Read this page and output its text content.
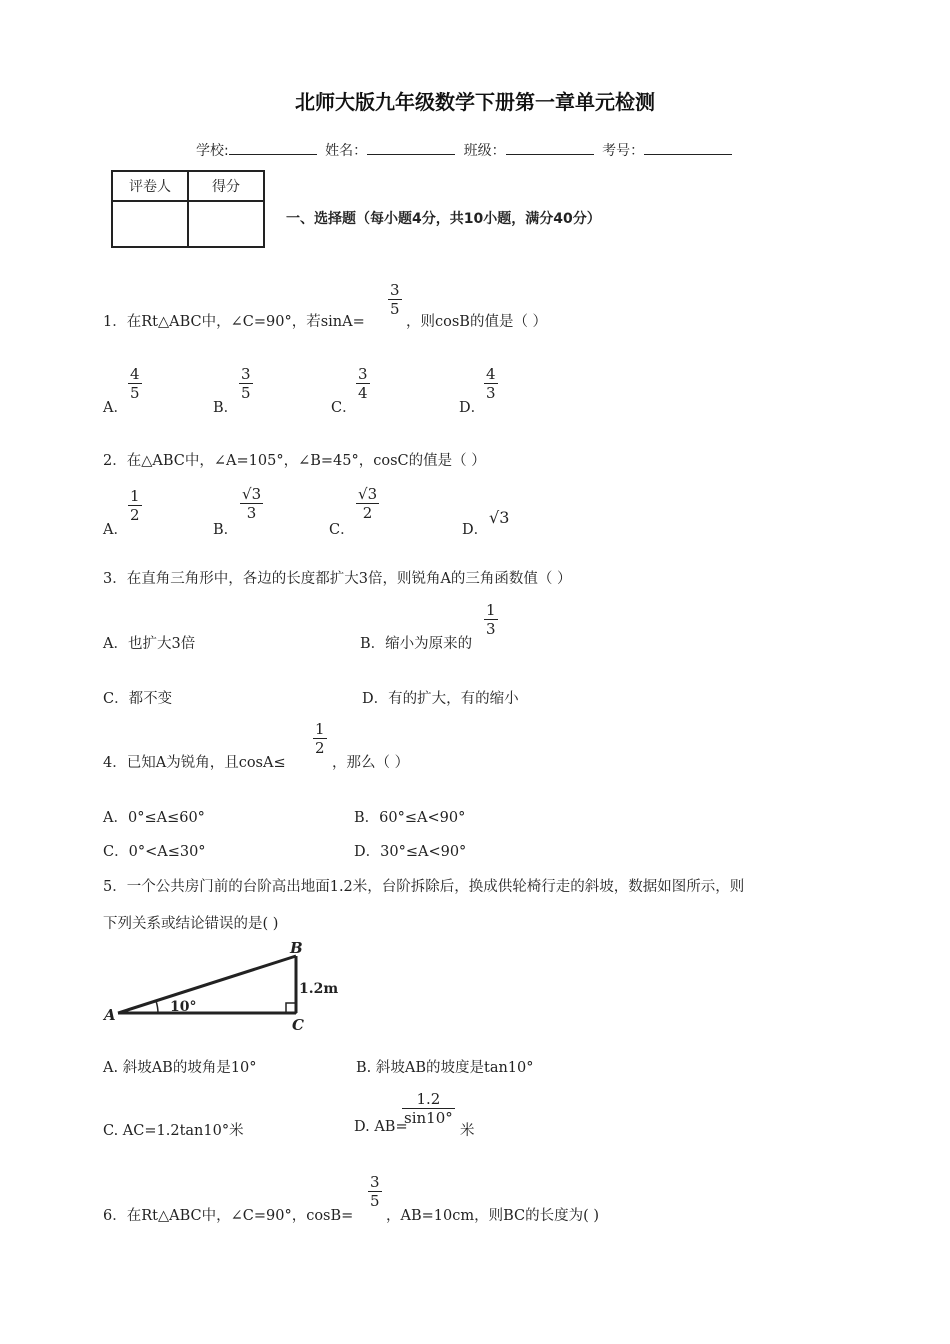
北师大版九年级数学下册第一章单元检测
学校:	姓名：	班级：	考号：
评卷人	得分

一、选择题（每小题4分，共10小题，满分40分）
1．在Rt△ABC中，∠C=90°，若sinA=
$\frac{3}{5}$
，则cosB的值是（ ）
A．
$\frac{4}{5}$
B．
$\frac{3}{5}$
C．
$\frac{3}{4}$
D．
$\frac{4}{3}$
2．在△ABC中，∠A=105°，∠B=45°，cosC的值是（ ）
A．
$\frac{1}{2}$
B．
$\frac{√3}{3}$
C．
$\frac{√3}{2}$
D．
√3
3．在直角三角形中，各边的长度都扩大3倍，则锐角A的三角函数值（ ）
A．也扩大3倍	B．缩小为原来的
$\frac{1}{3}$
C．都不变	D．有的扩大，有的缩小
4．已知A为锐角，且cosA≤
$\frac{1}{2}$
，那么（ ）
A．0°≤A≤60°	B．60°≤A<90°
C．0°<A≤30°	D．30°≤A<90°
5．一个公共房门前的台阶高出地面1.2米，台阶拆除后，换成供轮椅行走的斜坡，数据如图所示，则
下列关系或结论错误的是( )
A
B
C
10°
1.2m
A. 斜坡AB的坡角是10°	B. 斜坡AB的坡度是tan10°
C. AC=1.2tan10°米	D. AB=
$\frac{1.2}{\sin 10^\circ}$
米
6．在Rt△ABC中，∠C=90°，cosB=
$\frac{3}{5}$
，AB=10cm，则BC的长度为( )
